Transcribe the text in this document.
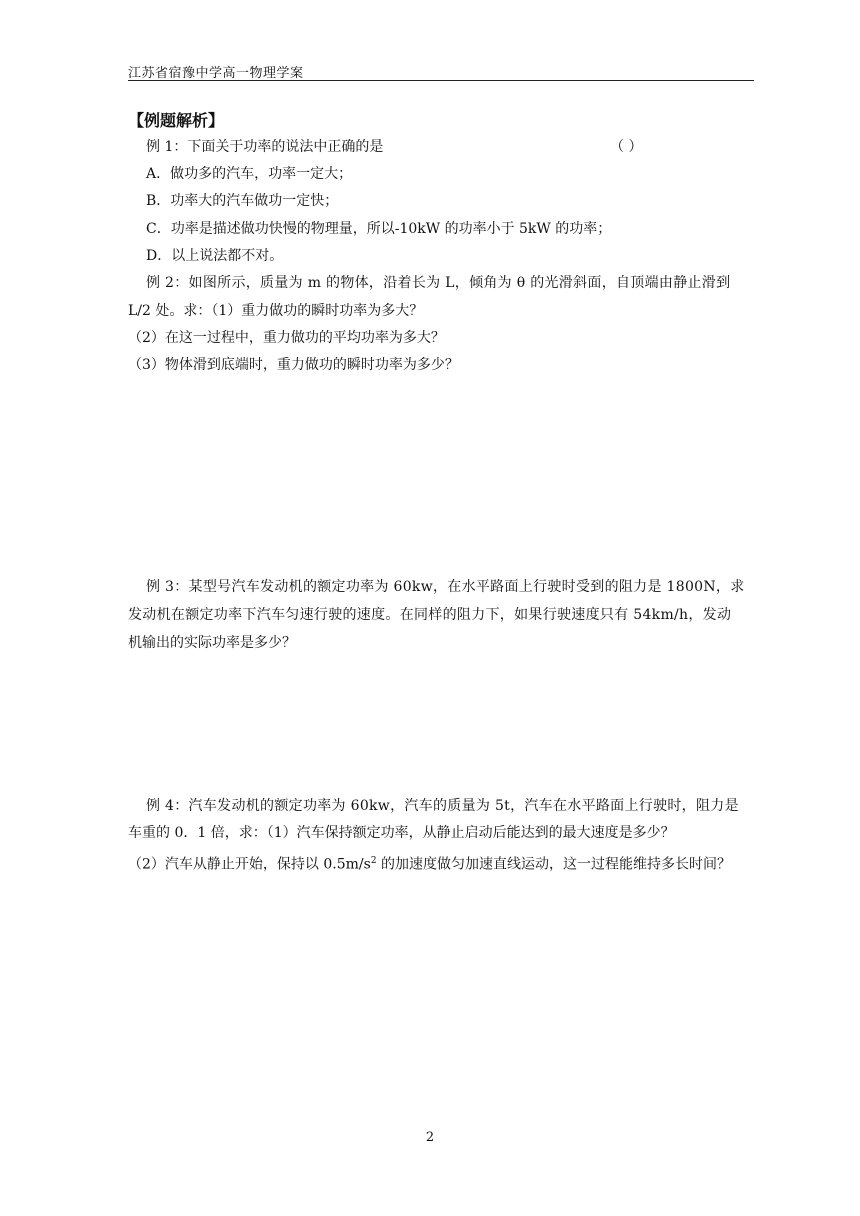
江苏省宿豫中学高一物理学案
【例题解析】
例 1：下面关于功率的说法中正确的是	（ ）
A．做功多的汽车，功率一定大；
B．功率大的汽车做功一定快；
C．功率是描述做功快慢的物理量，所以-10kW 的功率小于 5kW 的功率；
D．以上说法都不对。
例 2：如图所示，质量为 m 的物体，沿着长为 L，倾角为 θ 的光滑斜面，自顶端由静止滑到
L/2 处。求：（1）重力做功的瞬时功率为多大？
（2）在这一过程中，重力做功的平均功率为多大？
（3）物体滑到底端时，重力做功的瞬时功率为多少？
例 3：某型号汽车发动机的额定功率为 60kw，在水平路面上行驶时受到的阻力是 1800N，求
发动机在额定功率下汽车匀速行驶的速度。在同样的阻力下，如果行驶速度只有 54km/h，发动
机输出的实际功率是多少？
例 4：汽车发动机的额定功率为 60kw，汽车的质量为 5t，汽车在水平路面上行驶时，阻力是
车重的 0．1 倍，求：（1）汽车保持额定功率，从静止启动后能达到的最大速度是多少？
（2）汽车从静止开始，保持以 $0.5m/s^2$ 的加速度做匀加速直线运动，这一过程能维持多长时间？
2
